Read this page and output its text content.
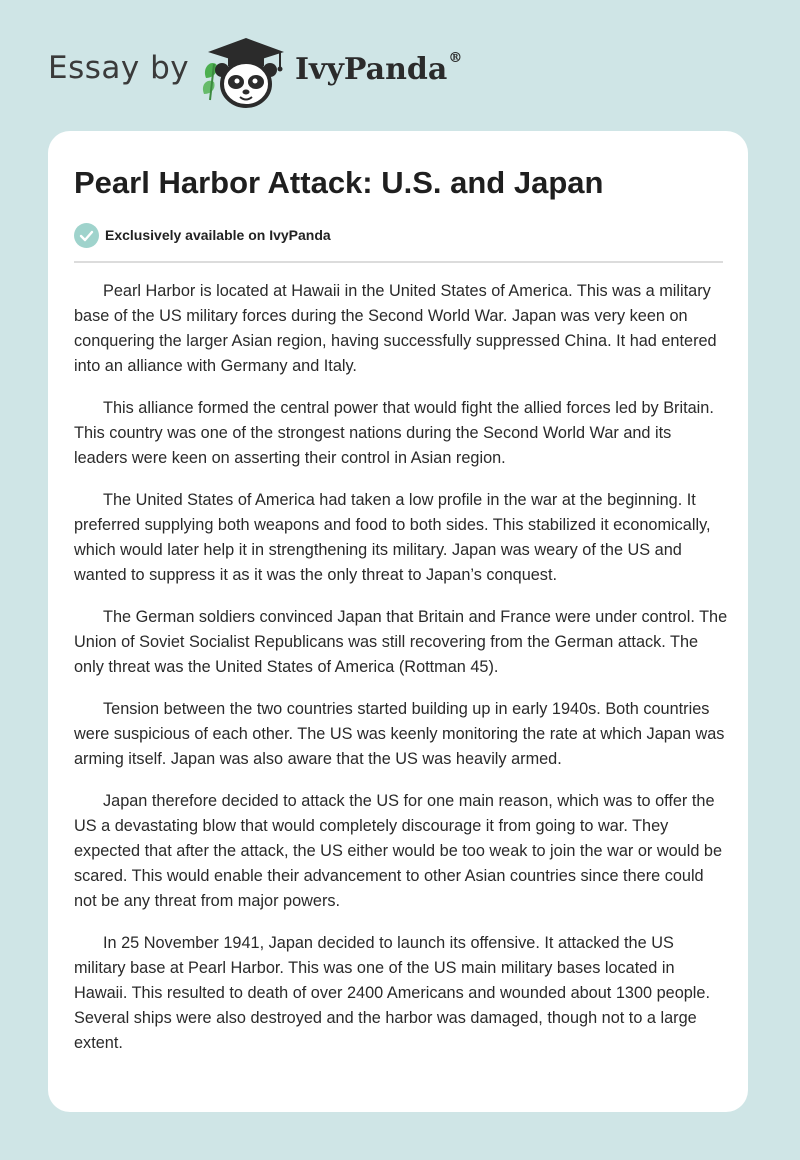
Essay by	IvyPanda®
Pearl Harbor Attack: U.S. and Japan
Exclusively available on IvyPanda

Pearl Harbor is located at Hawaii in the United States of America. This was a military base of the US military forces during the Second World War. Japan was very keen on conquering the larger Asian region, having successfully suppressed China. It had entered into an alliance with Germany and Italy.

This alliance formed the central power that would fight the allied forces led by Britain. This country was one of the strongest nations during the Second World War and its leaders were keen on asserting their control in Asian region.

The United States of America had taken a low profile in the war at the beginning. It preferred supplying both weapons and food to both sides. This stabilized it economically, which would later help it in strengthening its military. Japan was weary of the US and wanted to suppress it as it was the only threat to Japan’s conquest.

The German soldiers convinced Japan that Britain and France were under control. The Union of Soviet Socialist Republicans was still recovering from the German attack. The only threat was the United States of America (Rottman 45).

Tension between the two countries started building up in early 1940s. Both countries were suspicious of each other. The US was keenly monitoring the rate at which Japan was arming itself. Japan was also aware that the US was heavily armed.

Japan therefore decided to attack the US for one main reason, which was to offer the US a devastating blow that would completely discourage it from going to war. They expected that after the attack, the US either would be too weak to join the war or would be scared. This would enable their advancement to other Asian countries since there could not be any threat from major powers.

In 25 November 1941, Japan decided to launch its offensive. It attacked the US military base at Pearl Harbor. This was one of the US main military bases located in Hawaii. This resulted to death of over 2400 Americans and wounded about 1300 people. Several ships were also destroyed and the harbor was damaged, though not to a large extent.
